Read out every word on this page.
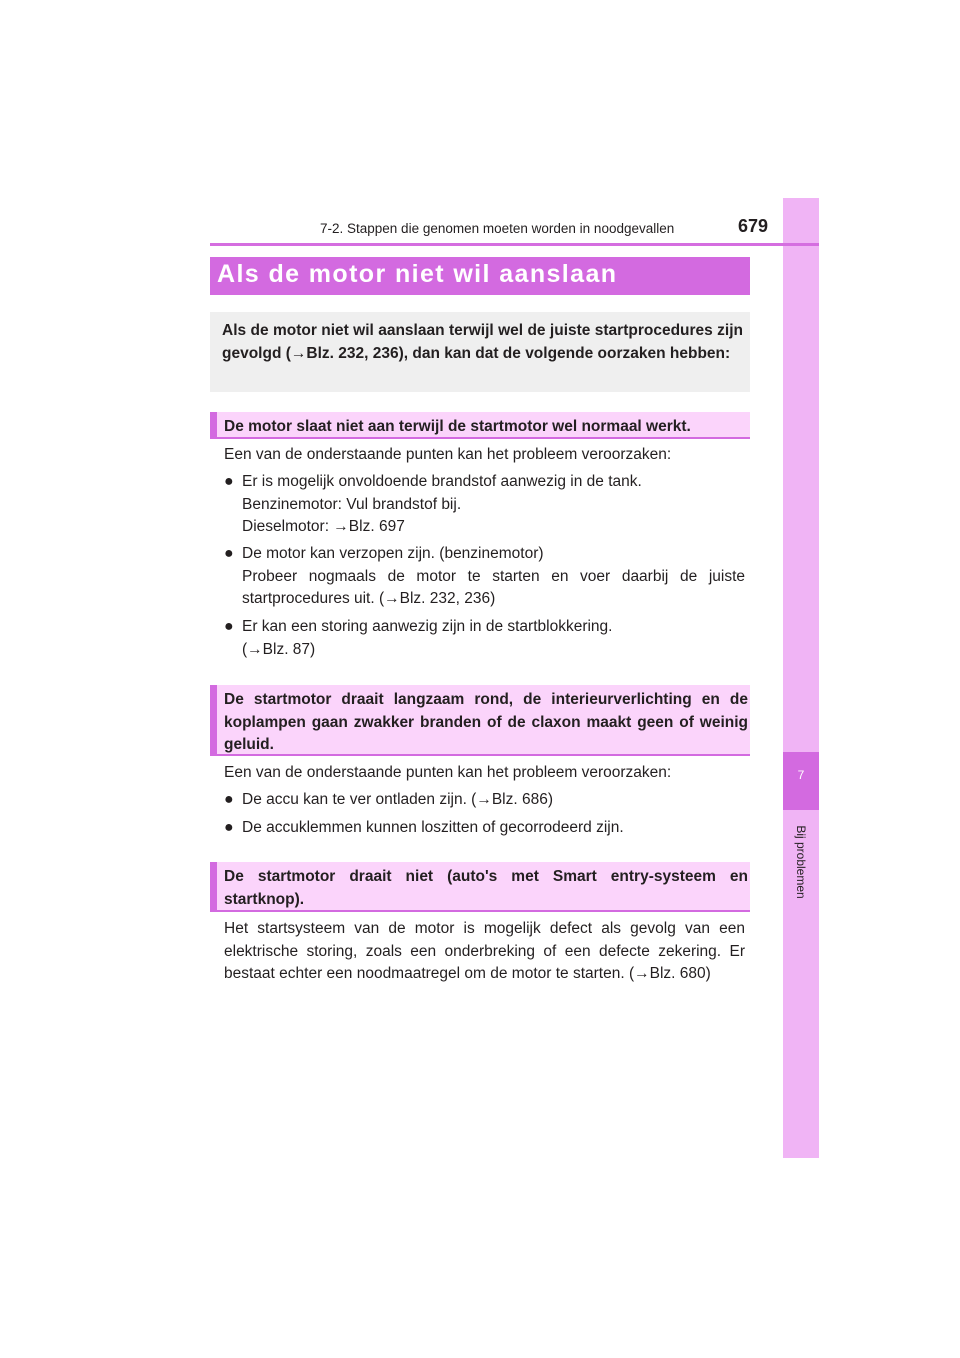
7
Bij problemen
7-2. Stappen die genomen moeten worden in noodgevallen	679
Als de motor niet wil aanslaan
Als de motor niet wil aanslaan terwijl wel de juiste startprocedures zijn gevolgd (→Blz. 232, 236), dan kan dat de volgende oorzaken hebben:
De motor slaat niet aan terwijl de startmotor wel normaal werkt.
Een van de onderstaande punten kan het probleem veroorzaken:
● Er is mogelijk onvoldoende brandstof aanwezig in de tank.
Benzinemotor: Vul brandstof bij.
Dieselmotor: →Blz. 697
● De motor kan verzopen zijn. (benzinemotor)
Probeer nogmaals de motor te starten en voer daarbij de juiste
startprocedures uit. (→Blz. 232, 236)
● Er kan een storing aanwezig zijn in de startblokkering.
(→Blz. 87)
De startmotor draait langzaam rond, de interieurverlichting en de koplampen gaan zwakker branden of de claxon maakt geen of weinig geluid.
Een van de onderstaande punten kan het probleem veroorzaken:
● De accu kan te ver ontladen zijn. (→Blz. 686)
● De accuklemmen kunnen loszitten of gecorrodeerd zijn.
De startmotor draait niet (auto's met Smart entry-systeem en startknop).
Het startsysteem van de motor is mogelijk defect als gevolg van een elektrische storing, zoals een onderbreking of een defecte zekering. Er bestaat echter een noodmaatregel om de motor te starten. (→Blz. 680)
